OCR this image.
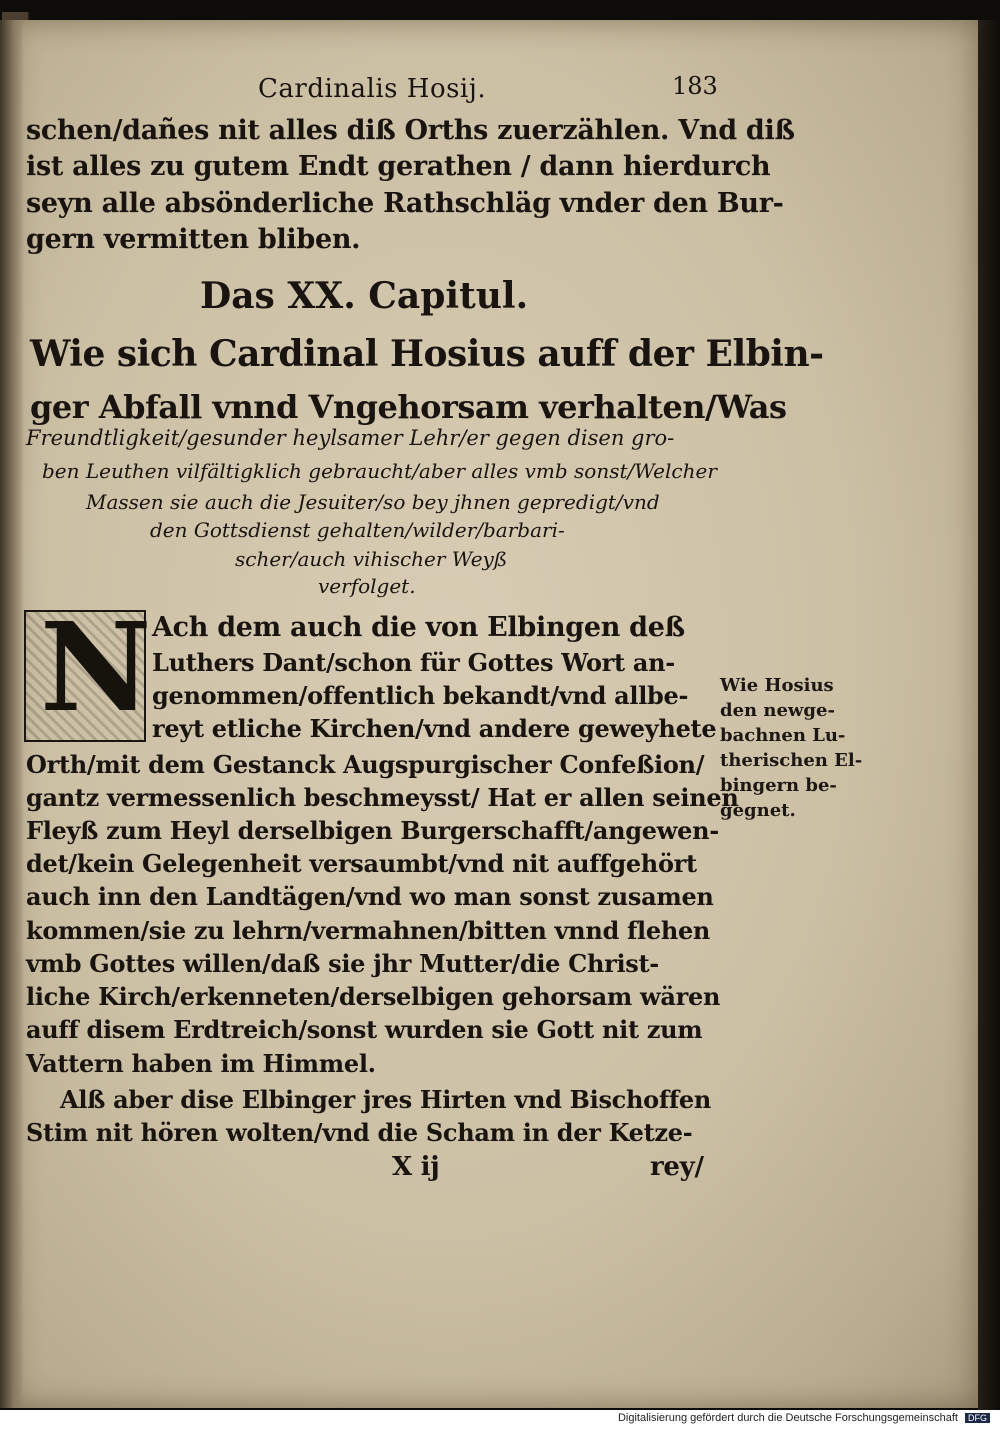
Cardinalis Hosij.	183
schen/dañes nit alles diß Orths zuerzählen. Vnd diß
ist alles zu gutem Endt gerathen / dann hierdurch
seyn alle absönderliche Rathschläg vnder den Bur-
gern vermitten bliben.
Das XX. Capitul.
Wie sich Cardinal Hosius auff der Elbin-
ger Abfall vnnd Vngehorsam verhalten/Was
Freundtligkeit/gesunder heylsamer Lehr/er gegen disen gro-
ben Leuthen vilfältigklich gebraucht/aber alles vmb sonst/Welcher
Massen sie auch die Jesuiter/so bey jhnen gepredigt/vnd
den Gottsdienst gehalten/wilder/barbari-
scher/auch vihischer Weyß
verfolget.
N Ach dem auch die von Elbingen deß
Luthers Dant/schon für Gottes Wort an-
genommen/offentlich bekandt/vnd allbe-
reyt etliche Kirchen/vnd andere geweyhete
Orth/mit dem Gestanck Augspurgischer Confeßion/
gantz vermessenlich beschmeysst/ Hat er allen seinen
Fleyß zum Heyl derselbigen Burgerschafft/angewen-
det/kein Gelegenheit versaumbt/vnd nit auffgehört
auch inn den Landtägen/vnd wo man sonst zusamen
kommen/sie zu lehrn/vermahnen/bitten vnnd flehen
vmb Gottes willen/daß sie jhr Mutter/die Christ-
liche Kirch/erkenneten/derselbigen gehorsam wären
auff disem Erdtreich/sonst wurden sie Gott nit zum
Vattern haben im Himmel.
Alß aber dise Elbinger jres Hirten vnd Bischoffen
Stim nit hören wolten/vnd die Scham in der Ketze-
Wie Hosius
den newge-
bachnen Lu-
therischen El-
bingern be-
gegnet.
X ij	rey/
Digitalisierung gefördert durch die Deutsche Forschungsgemeinschaft DFG
